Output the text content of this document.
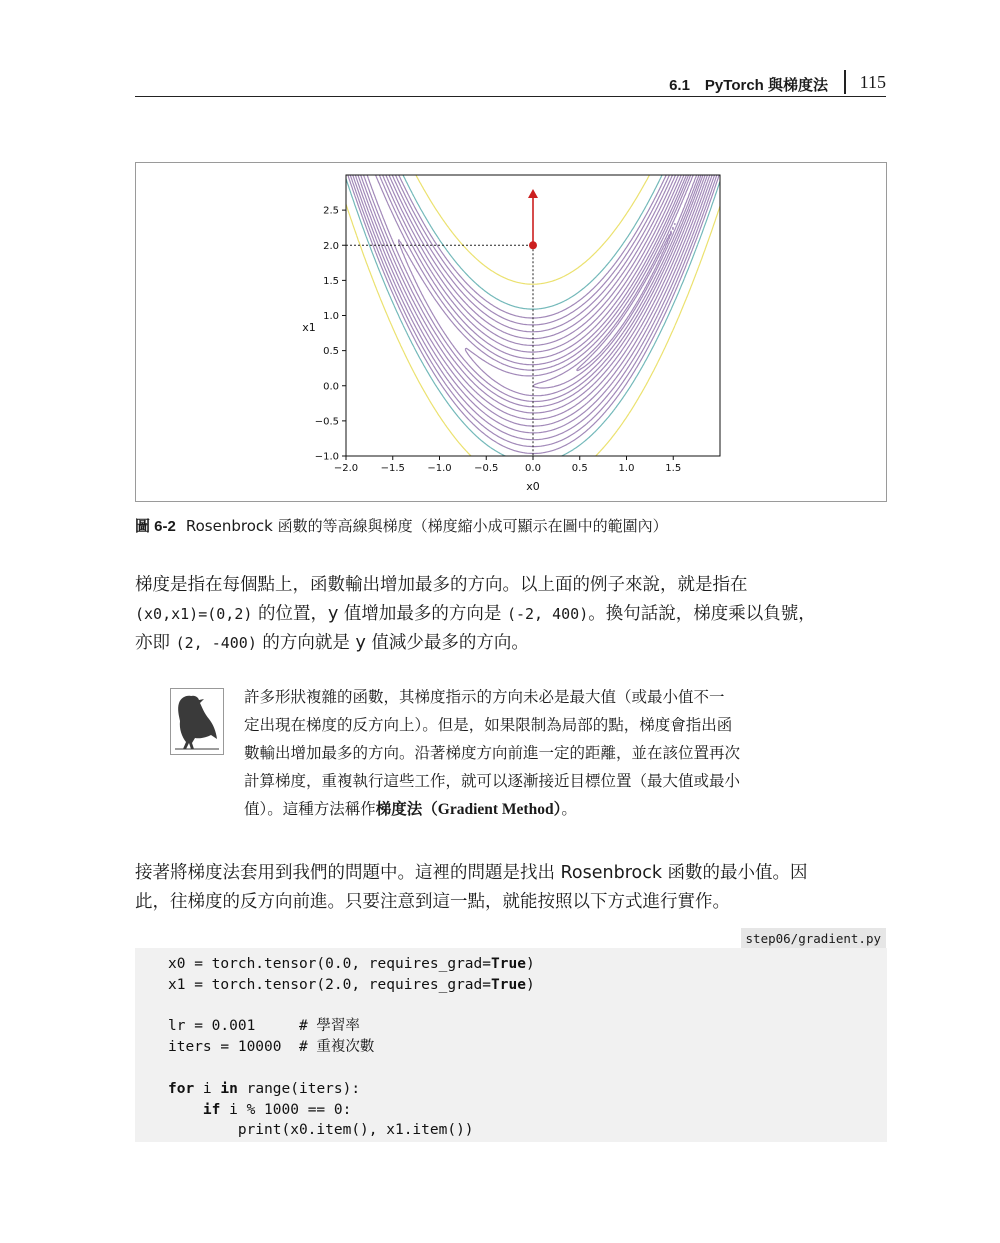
6.1　PyTorch 與梯度法 115
−2.0 −1.5 −1.0 −0.5	0.0	0.5	1.0	1.5
−1.0
−0.5
0.0
0.5
1.0
1.5
2.0
2.5
x0
x1
圖 6-2 Rosenbrock 函數的等高線與梯度（梯度縮小成可顯示在圖中的範圍內）
梯度是指在每個點上，函數輸出增加最多的方向。以上面的例子來說，就是指在
(x0,x1)=(0,2) 的位置，y 值增加最多的方向是 (-2, 400)。換句話說，梯度乘以負號，
亦即 (2, -400) 的方向就是 y 值減少最多的方向。
許多形狀複雜的函數，其梯度指示的方向未必是最大值（或最小值不一
定出現在梯度的反方向上）。但是，如果限制為局部的點，梯度會指出函
數輸出增加最多的方向。沿著梯度方向前進一定的距離，並在該位置再次
計算梯度，重複執行這些工作，就可以逐漸接近目標位置（最大值或最小
值）。這種方法稱作梯度法（Gradient Method）。
接著將梯度法套用到我們的問題中。這裡的問題是找出 Rosenbrock 函數的最小值。因
此，往梯度的反方向前進。只要注意到這一點，就能按照以下方式進行實作。
step06/gradient.py
x0 = torch.tensor(0.0, requires_grad=True)
x1 = torch.tensor(2.0, requires_grad=True)
lr = 0.001     # 學習率
iters = 10000  # 重複次數
for i in range(iters):
if i % 1000 == 0:
print(x0.item(), x1.item())
